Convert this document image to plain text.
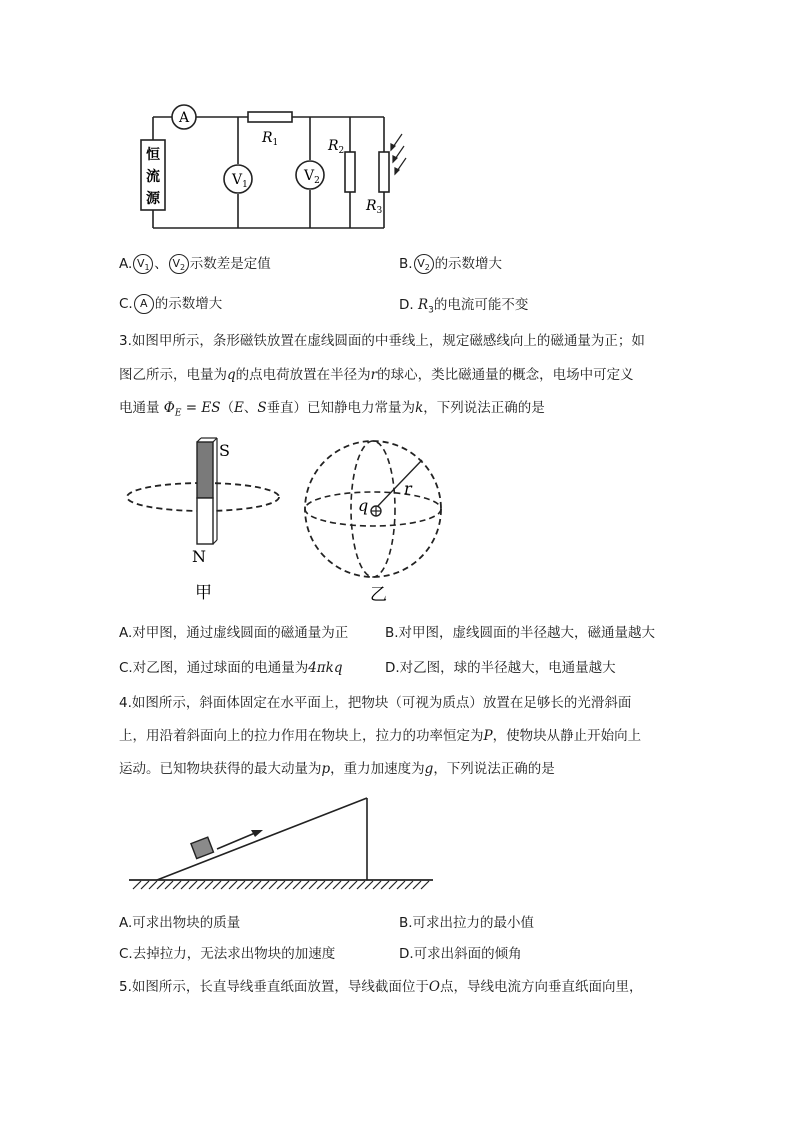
A
恒
流
源
$R_1$
$V_1$
$V_2$
$R_2$
$R_3$
A. $V_1$ 、 $V_2$ 示数差是定值	B. $V_2$ 的示数增大
C. A 的示数增大	D. $R_3$的电流可能不变
3.如图甲所示，条形磁铁放置在虚线圆面的中垂线上，规定磁感线向上的磁通量为正；如
图乙所示，电量为q的点电荷放置在半径为r的球心，类比磁通量的概念，电场中可定义
电通量 $\Phi_E = ES(E$、S垂直）已知静电力常量为k，下列说法正确的是
S
N
甲
q
r
乙
A.对甲图，通过虚线圆面的磁通量为正	B.对甲图，虚线圆面的半径越大，磁通量越大
C.对乙图，通过球面的电通量为4πkq	D.对乙图，球的半径越大，电通量越大
4.如图所示，斜面体固定在水平面上，把物块（可视为质点）放置在足够长的光滑斜面
上，用沿着斜面向上的拉力作用在物块上，拉力的功率恒定为P，使物块从静止开始向上
运动。已知物块获得的最大动量为p，重力加速度为g，下列说法正确的是
A.可求出物块的质量	B.可求出拉力的最小值
C.去掉拉力，无法求出物块的加速度	D.可求出斜面的倾角
5.如图所示，长直导线垂直纸面放置，导线截面位于O点，导线电流方向垂直纸面向里，
